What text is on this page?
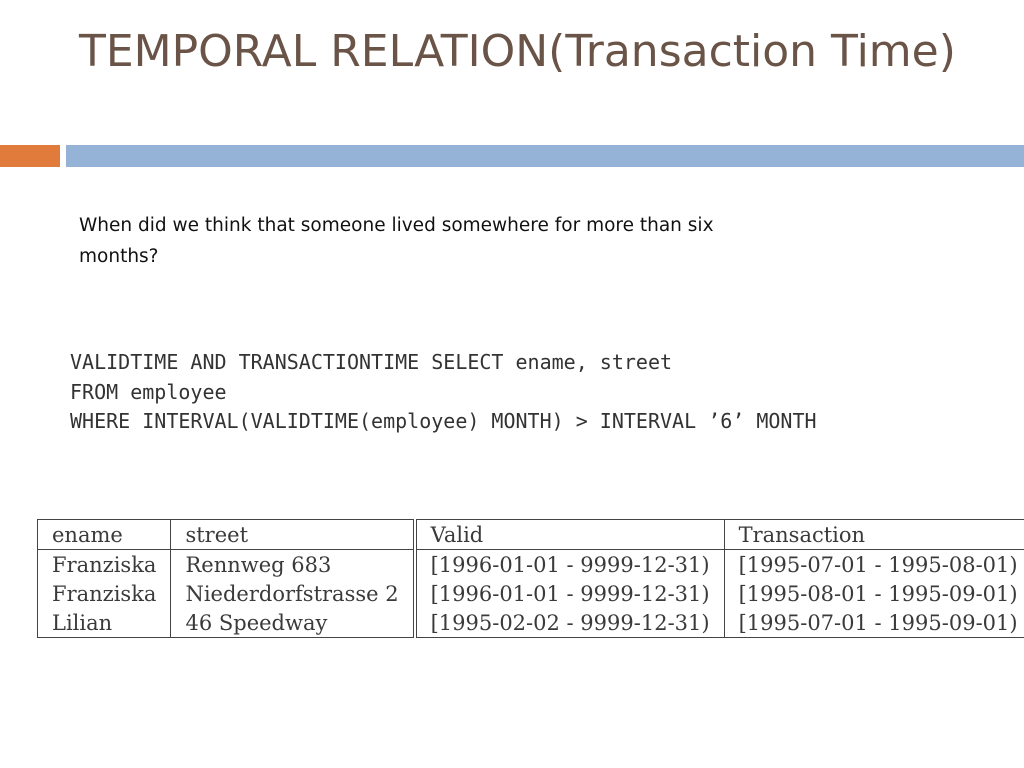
TEMPORAL RELATION(Transaction Time)
When did we think that someone lived somewhere for more than six months?
VALIDTIME AND TRANSACTIONTIME SELECT ename, street
FROM employee
WHERE INTERVAL(VALIDTIME(employee) MONTH) > INTERVAL ’6’ MONTH
ename	street	Valid	Transaction
Franziska	Rennweg 683	[1996-01-01 - 9999-12-31)	[1995-07-01 - 1995-08-01)
Franziska	Niederdorfstrasse 2	[1996-01-01 - 9999-12-31)	[1995-08-01 - 1995-09-01)
Lilian	46 Speedway	[1995-02-02 - 9999-12-31)	[1995-07-01 - 1995-09-01)
